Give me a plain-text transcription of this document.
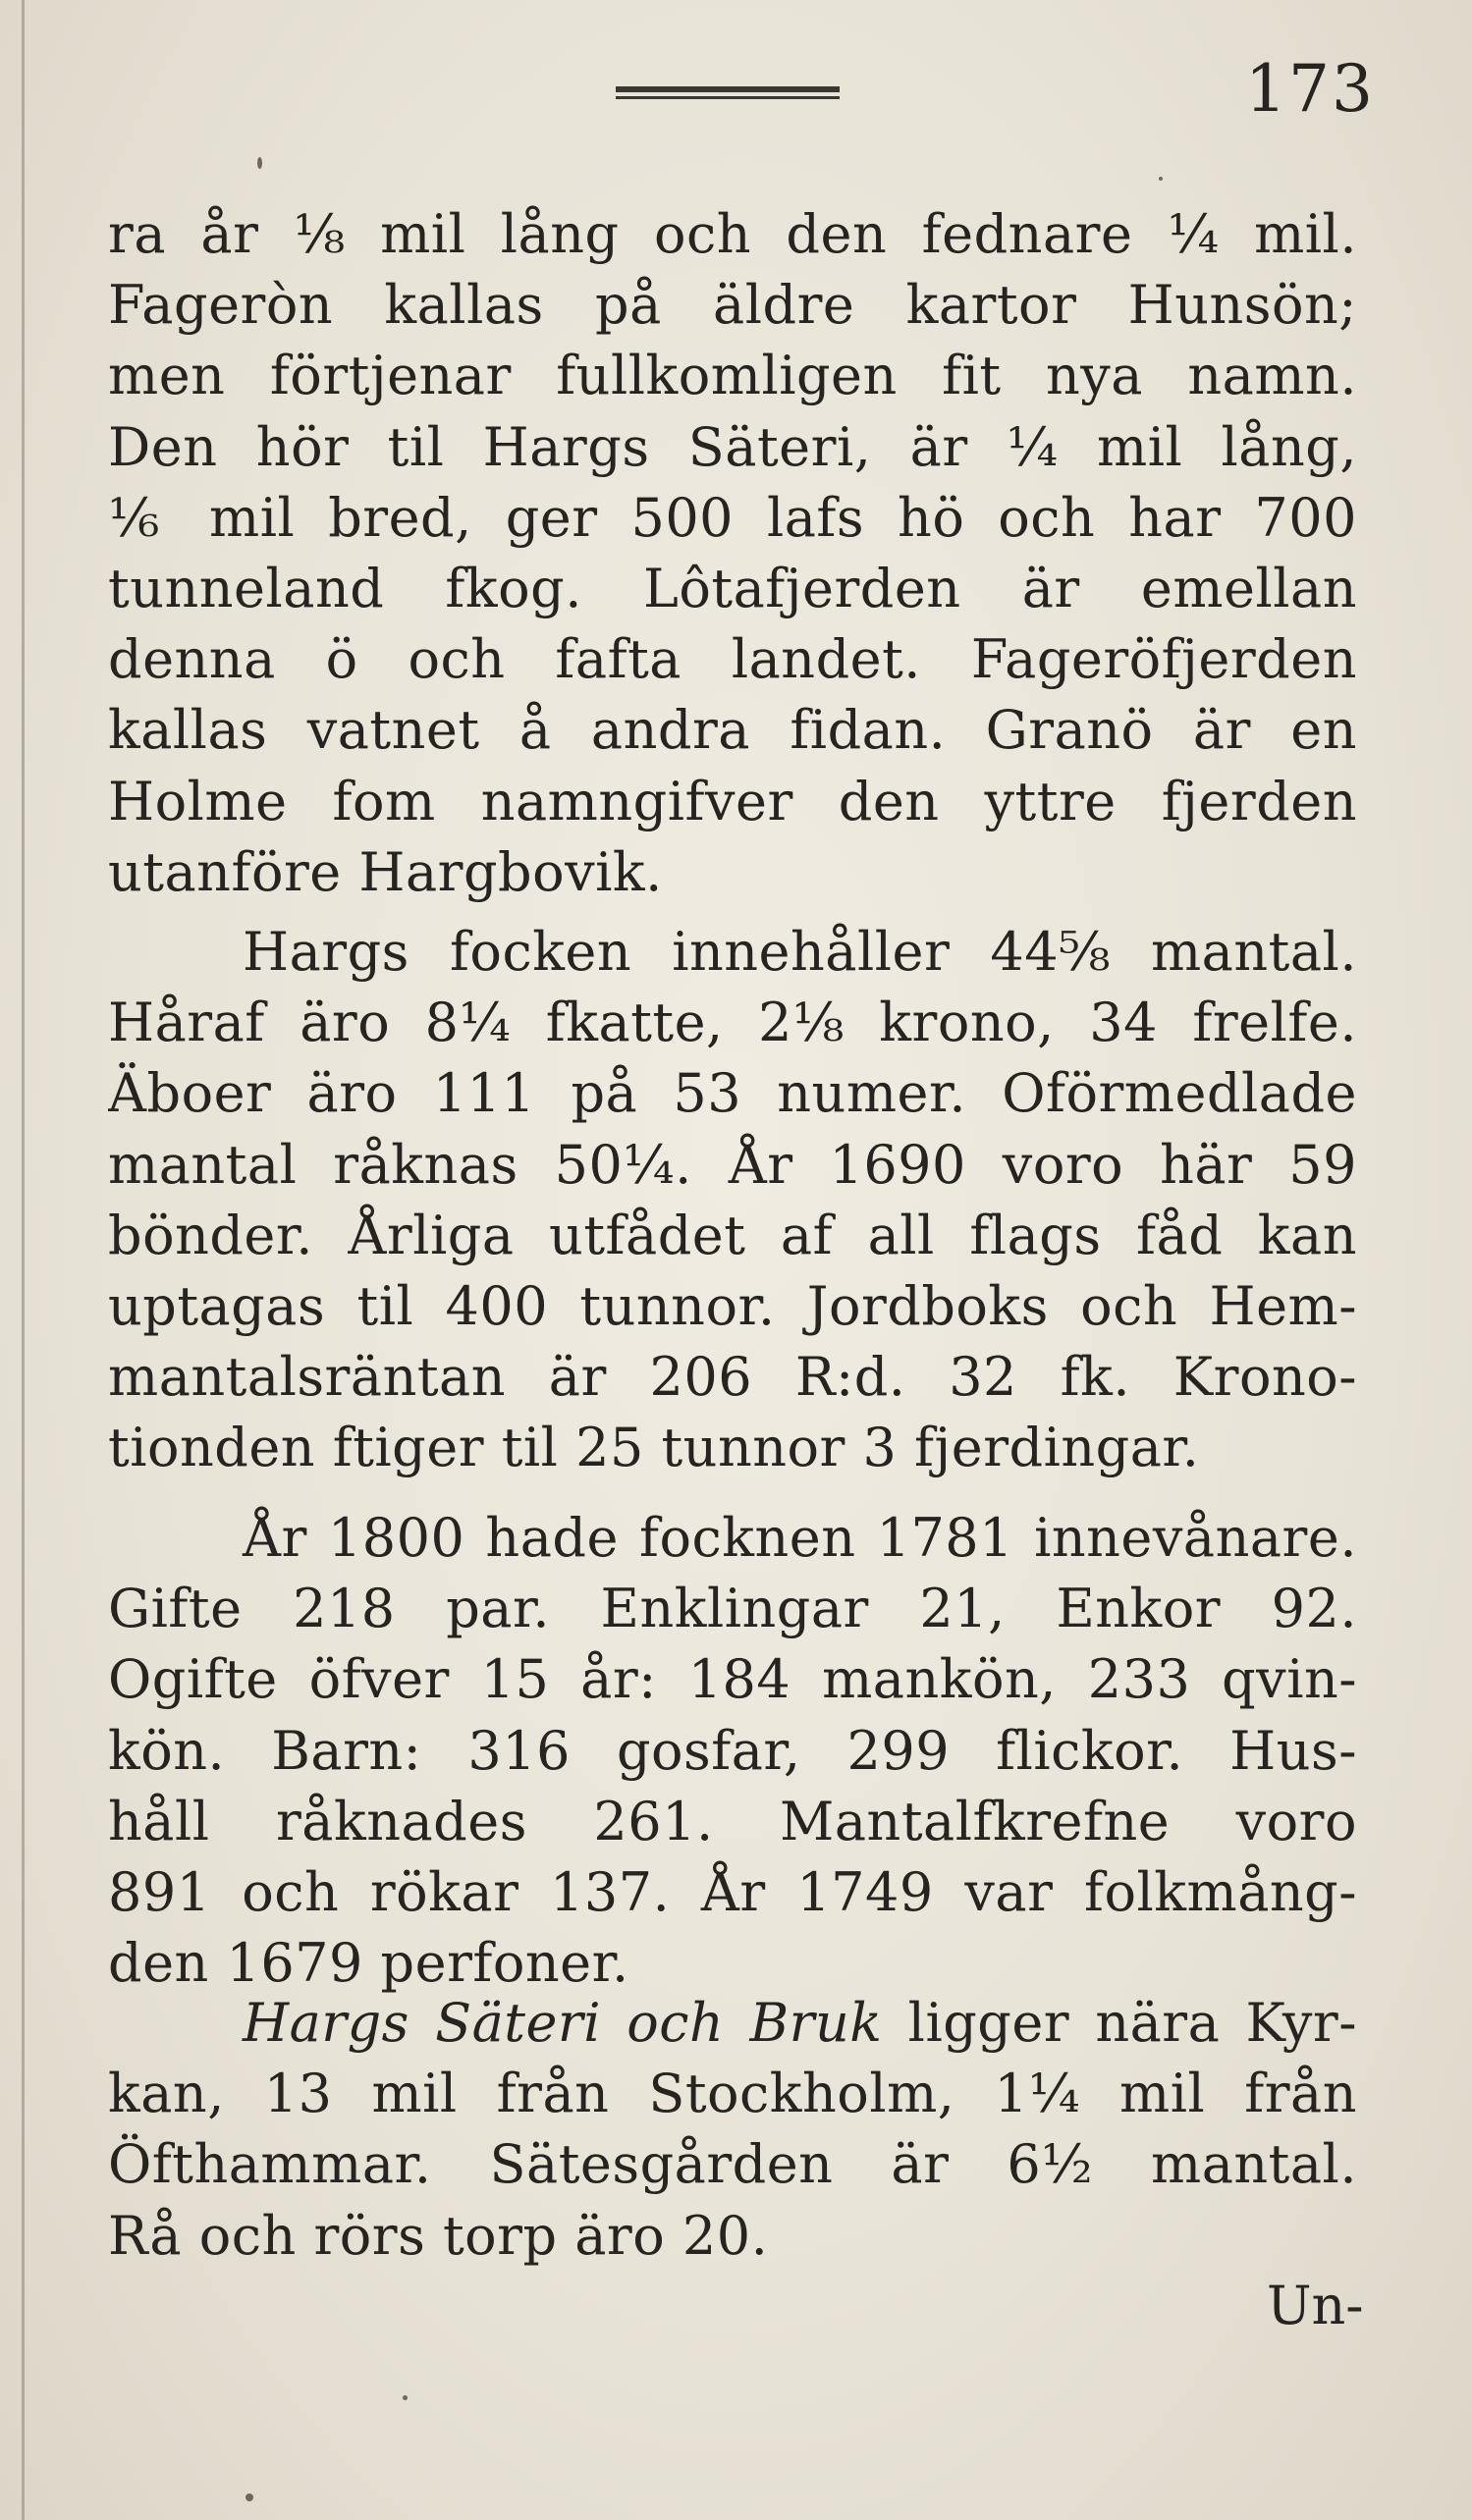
173
ra år ⅛ mil lång och den fednare ¼ mil.
Fageròn kallas på äldre kartor Hunsön;
men förtjenar fullkomligen fit nya namn.
Den hör til Hargs Säteri, är ¼ mil lång,
⅙ mil bred, ger 500 lafs hö och har 700
tunneland fkog. Lôtafjerden är emellan
denna ö och fafta landet. Fageröfjerden
kallas vatnet å andra fidan. Granö är en
Holme fom namngifver den yttre fjerden
utanföre Hargbovik.
Hargs focken innehåller 44⅝ mantal.
Håraf äro 8¼ fkatte, 2⅛ krono, 34 frelfe.
Äboer äro 111 på 53 numer. Oförmedlade
mantal råknas 50¼. År 1690 voro här 59
bönder. Årliga utfådet af all flags fåd kan
uptagas til 400 tunnor. Jordboks och Hem-
mantalsräntan är 206 R:d. 32 fk. Krono-
tionden ftiger til 25 tunnor 3 fjerdingar.
År 1800 hade focknen 1781 innevånare.
Gifte 218 par. Enklingar 21, Enkor 92.
Ogifte öfver 15 år: 184 mankön, 233 qvin-
kön. Barn: 316 gosfar, 299 flickor. Hus-
håll råknades 261. Mantalfkrefne voro
891 och rökar 137. År 1749 var folkmång-
den 1679 perfoner.
Hargs Säteri och Bruk ligger nära Kyr-
kan, 13 mil från Stockholm, 1¼ mil från
Öfthammar. Sätesgården är 6½ mantal.
Rå och rörs torp äro 20.
Un-
